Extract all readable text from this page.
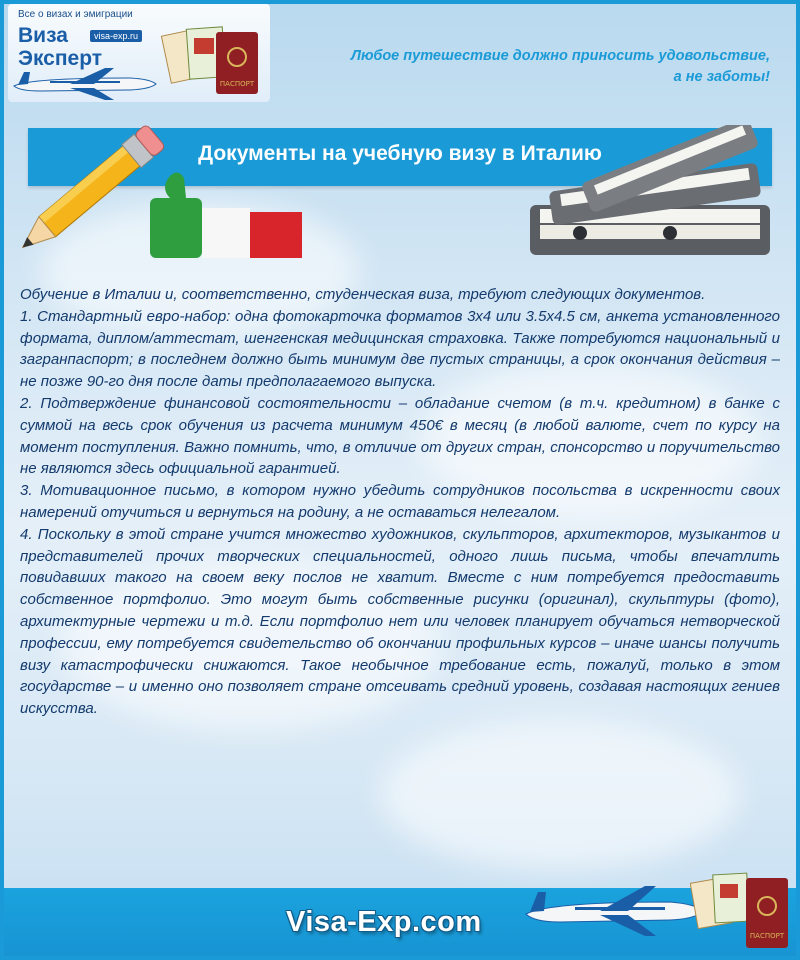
Все о визах и эмиграции
Виза
Эксперт
visa-exp.ru
ПАСПОРТ
Любое путешествие должно приносить удовольствие,
а не заботы!
Документы на учебную визу в Италию

Обучение в Италии и, соответственно, студенческая виза, требуют следующих документов.

1. Стандартный евро-набор: одна фотокарточка форматов 3х4 или 3.5х4.5 см, анкета установленного формата, диплом/аттестат, шенгенская медицинская страховка. Также потребуются национальный и загранпаспорт; в последнем должно быть минимум две пустых страницы, а срок окончания действия – не позже 90-го дня после даты предполагаемого выпуска.

2. Подтверждение финансовой состоятельности – обладание счетом (в т.ч. кредитном) в банке с суммой на весь срок обучения из расчета минимум 450€ в месяц (в любой валюте, счет по курсу на момент поступления. Важно помнить, что, в отличие от других стран, спонсорство и поручительство не являются здесь официальной гарантией.

3. Мотивационное письмо, в котором нужно убедить сотрудников посольства в искренности своих намерений отучиться и вернуться на родину, а не оставаться нелегалом.

4. Поскольку в этой стране учится множество художников, скульпторов, архитекторов, музыкантов и представителей прочих творческих специальностей, одного лишь письма, чтобы впечатлить повидавших такого на своем веку послов не хватит. Вместе с ним потребуется предоставить собственное портфолио. Это могут быть собственные рисунки (оригинал), скульптуры (фото), архитектурные чертежи и т.д. Если портфолио нет или человек планирует обучаться нетворческой профессии, ему потребуется свидетельство об окончании профильных курсов – иначе шансы получить визу катастрофически снижаются. Такое необычное требование есть, пожалуй, только в этом государстве – и именно оно позволяет стране отсеивать средний уровень, создавая настоящих гениев искусства.

Visa-Exp.com	ПАСПОРТ
